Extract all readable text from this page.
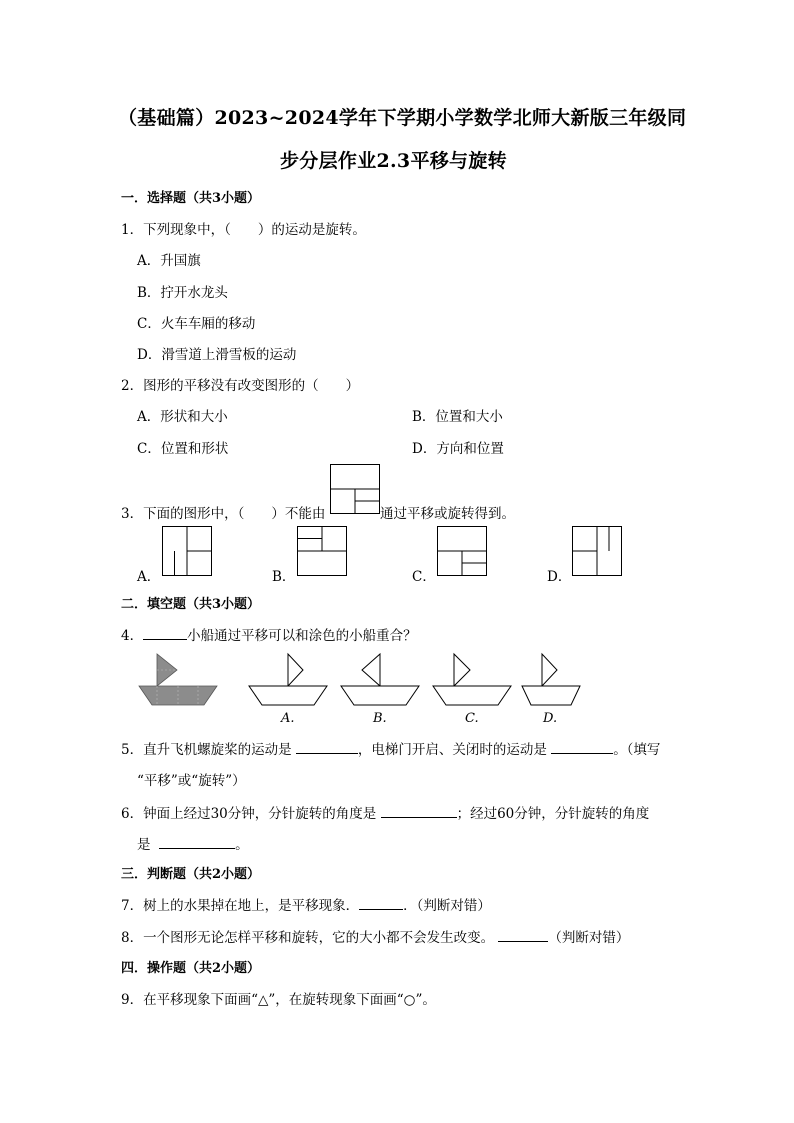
（基础篇）2023~2024学年下学期小学数学北师大新版三年级同
步分层作业2.3平移与旋转
一．选择题（共3小题）
1．下列现象中，（　　）的运动是旋转。
A．升国旗
B．拧开水龙头
C．火车车厢的移动
D．滑雪道上滑雪板的运动
2．图形的平移没有改变图形的（　　）
A．形状和大小	B．位置和大小
C．位置和形状	D．方向和位置
3．下面的图形中，（　　）不能由	通过平移或旋转得到。
A．	B．	C．	D．
二．填空题（共3小题）
4．	小船通过平移可以和涂色的小船重合？
A.	B.	C.	D.
5．直升飞机螺旋桨的运动是	，电梯门开启、关闭时的运动是	。（填写
“平移”或“旋转”）
6．钟面上经过30分钟，分针旋转的角度是	；经过60分钟，分针旋转的角度
是	。
三．判断题（共2小题）
7．树上的水果掉在地上，是平移现象．	．（判断对错）
8．一个图形无论怎样平移和旋转，它的大小都不会发生改变。	（判断对错）
四．操作题（共2小题）
9．在平移现象下面画“△”，在旋转现象下面画“○”。
